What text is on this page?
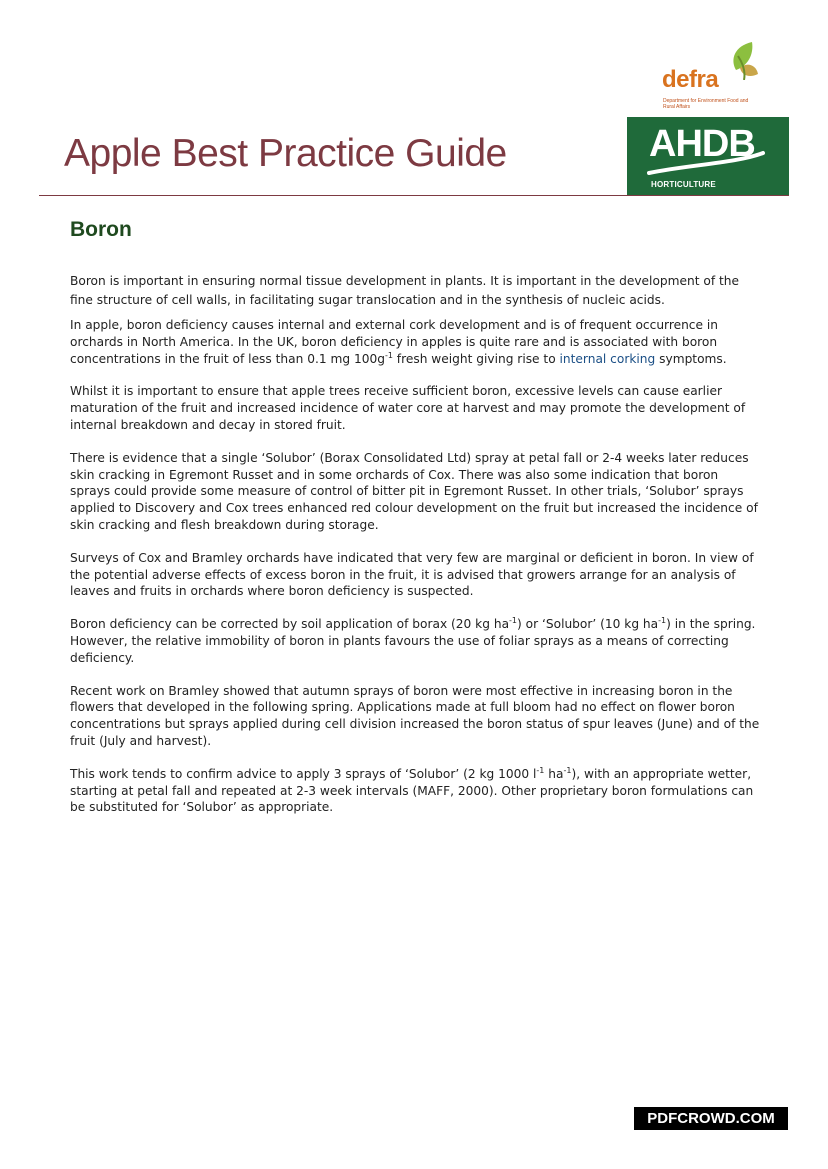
Apple Best Practice Guide
defra
Department for Environment Food and Rural Affairs
AHDB
HORTICULTURE
Boron

Boron is important in ensuring normal tissue development in plants. It is important in the development of the fine structure of cell walls, in facilitating sugar translocation and in the synthesis of nucleic acids.

In apple, boron deficiency causes internal and external cork development and is of frequent occurrence in orchards in North America. In the UK, boron deficiency in apples is quite rare and is associated with boron concentrations in the fruit of less than 0.1 mg $100g^{-1}$ fresh weight giving rise to internal corking symptoms.

Whilst it is important to ensure that apple trees receive sufficient boron, excessive levels can cause earlier maturation of the fruit and increased incidence of water core at harvest and may promote the development of internal breakdown and decay in stored fruit.

There is evidence that a single ‘Solubor’ (Borax Consolidated Ltd) spray at petal fall or 2-4 weeks later reduces skin cracking in Egremont Russet and in some orchards of Cox. There was also some indication that boron sprays could provide some measure of control of bitter pit in Egremont Russet. In other trials, ‘Solubor’ sprays applied to Discovery and Cox trees enhanced red colour development on the fruit but increased the incidence of skin cracking and flesh breakdown during storage.

Surveys of Cox and Bramley orchards have indicated that very few are marginal or deficient in boron. In view of the potential adverse effects of excess boron in the fruit, it is advised that growers arrange for an analysis of leaves and fruits in orchards where boron deficiency is suspected.

Boron deficiency can be corrected by soil application of borax (20 kg $ha^{-1}$) or ‘Solubor’ (10 kg $ha^{-1}$) in the spring. However, the relative immobility of boron in plants favours the use of foliar sprays as a means of correcting deficiency.

Recent work on Bramley showed that autumn sprays of boron were most effective in increasing boron in the flowers that developed in the following spring. Applications made at full bloom had no effect on flower boron concentrations but sprays applied during cell division increased the boron status of spur leaves (June) and of the fruit (July and harvest).

This work tends to confirm advice to apply 3 sprays of ‘Solubor’ (2 kg 1000 $l^{-1}$ $ha^{-1}$), with an appropriate wetter, starting at petal fall and repeated at 2-3 week intervals (MAFF, 2000). Other proprietary boron formulations can be substituted for ‘Solubor’ as appropriate.

PDFCROWD.COM
